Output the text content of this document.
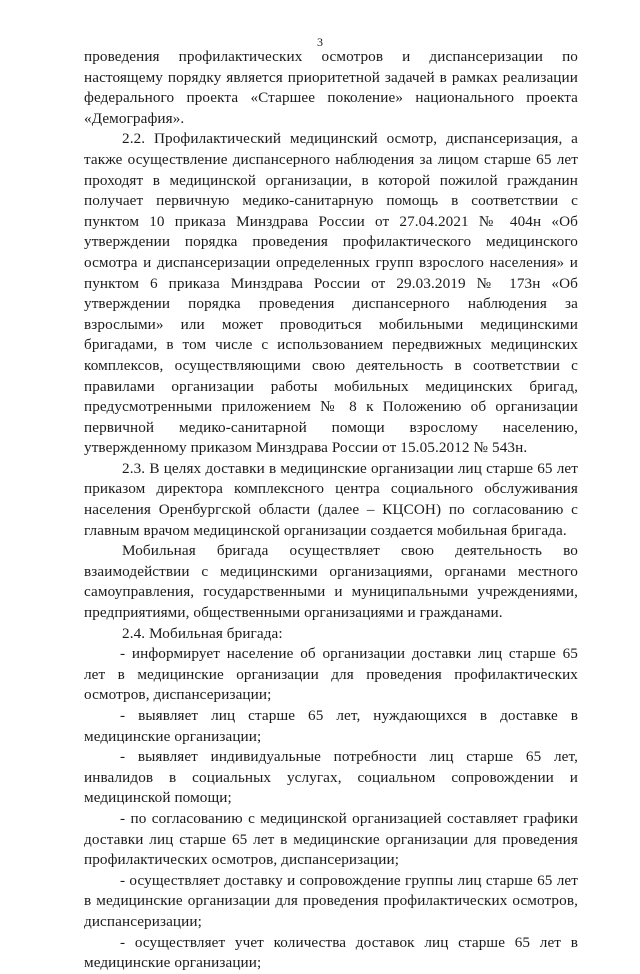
3

проведения профилактических осмотров и диспансеризации по настоящему порядку является приоритетной задачей в рамках реализации федерального проекта «Старшее поколение» национального проекта «Демография».

2.2. Профилактический медицинский осмотр, диспансеризация, а также осуществление диспансерного наблюдения за лицом старше 65 лет проходят в медицинской организации, в которой пожилой гражданин получает первичную медико-санитарную помощь в соответствии с пунктом 10 приказа Минздрава России от 27.04.2021 № 404н «Об утверждении порядка проведения профилактического медицинского осмотра и диспансеризации определенных групп взрослого населения» и пунктом 6 приказа Минздрава России от 29.03.2019 № 173н «Об утверждении порядка проведения диспансерного наблюдения за взрослыми» или может проводиться мобильными медицинскими бригадами, в том числе с использованием передвижных медицинских комплексов, осуществляющими свою деятельность в соответствии с правилами организации работы мобильных медицинских бригад, предусмотренными приложением № 8 к Положению об организации первичной медико-санитарной помощи взрослому населению, утвержденному приказом Минздрава России от 15.05.2012 № 543н.

2.3. В целях доставки в медицинские организации лиц старше 65 лет приказом директора комплексного центра социального обслуживания населения Оренбургской области (далее – КЦСОН) по согласованию с главным врачом медицинской организации создается мобильная бригада.

Мобильная бригада осуществляет свою деятельность во взаимодействии с медицинскими организациями, органами местного самоуправления, государственными и муниципальными учреждениями, предприятиями, общественными организациями и гражданами.

2.4. Мобильная бригада:

- информирует население об организации доставки лиц старше 65 лет в медицинские организации для проведения профилактических осмотров, диспансеризации;

- выявляет лиц старше 65 лет, нуждающихся в доставке в медицинские организации;

- выявляет индивидуальные потребности лиц старше 65 лет, инвалидов в социальных услугах, социальном сопровождении и медицинской помощи;

- по согласованию с медицинской организацией составляет графики доставки лиц старше 65 лет в медицинские организации для проведения профилактических осмотров, диспансеризации;

- осуществляет доставку и сопровождение группы лиц старше 65 лет в медицинские организации для проведения профилактических осмотров, диспансеризации;

- осуществляет учет количества доставок лиц старше 65 лет в медицинские организации;
